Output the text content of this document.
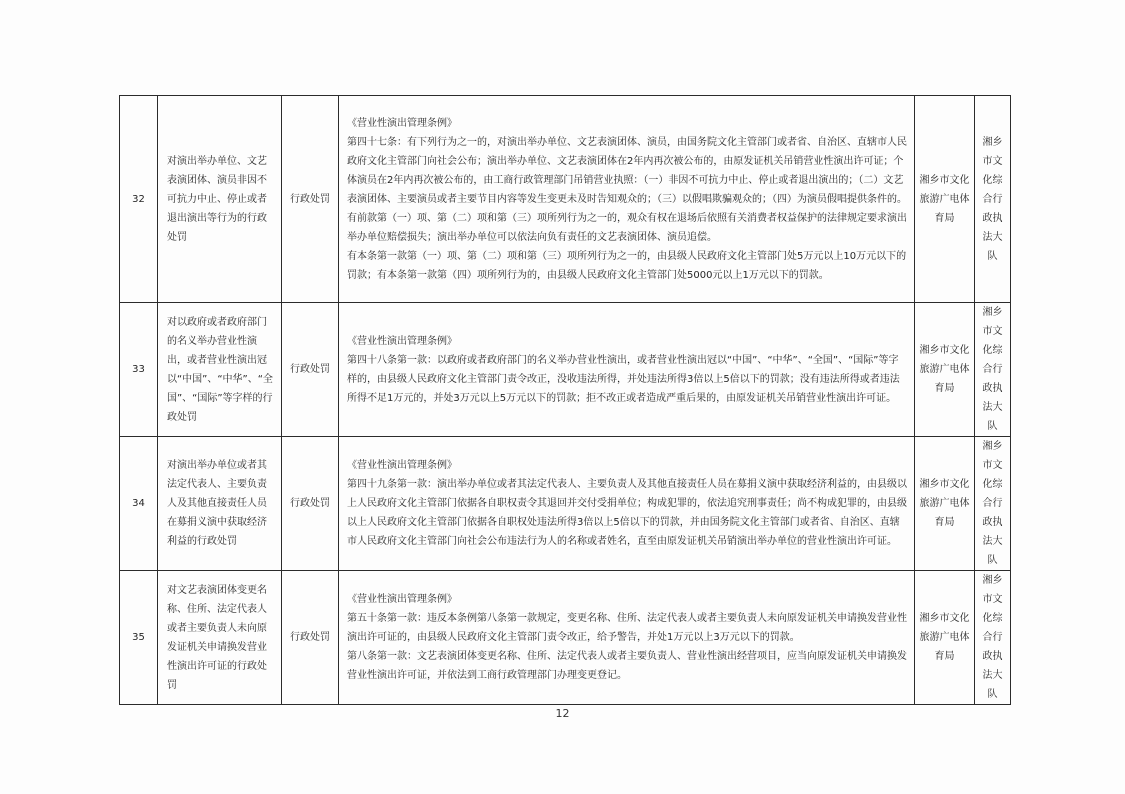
32	对演出举办单位、文艺表演团体、演员非因不可抗力中止、停止或者退出演出等行为的行政处罚	行政处罚	《营业性演出管理条例》
第四十七条：有下列行为之一的，对演出举办单位、文艺表演团体、演员，由国务院文化主管部门或者省、自治区、直辖市人民政府文化主管部门向社会公布；演出举办单位、文艺表演团体在2年内再次被公布的，由原发证机关吊销营业性演出许可证；个体演员在2年内再次被公布的，由工商行政管理部门吊销营业执照：（一）非因不可抗力中止、停止或者退出演出的；（二）文艺表演团体、主要演员或者主要节目内容等发生变更未及时告知观众的；（三）以假唱欺骗观众的；（四）为演员假唱提供条件的。
有前款第（一）项、第（二）项和第（三）项所列行为之一的，观众有权在退场后依照有关消费者权益保护的法律规定要求演出举办单位赔偿损失；演出举办单位可以依法向负有责任的文艺表演团体、演员追偿。
有本条第一款第（一）项、第（二）项和第（三）项所列行为之一的，由县级人民政府文化主管部门处5万元以上10万元以下的罚款；有本条第一款第（四）项所列行为的，由县级人民政府文化主管部门处5000元以上1万元以下的罚款。	湘乡市文化旅游广电体育局	湘乡市文化综合行政执法大队
33	对以政府或者政府部门的名义举办营业性演出，或者营业性演出冠以“中国”、“中华”、“全国”、“国际”等字样的行政处罚	行政处罚	《营业性演出管理条例》
第四十八条第一款：以政府或者政府部门的名义举办营业性演出，或者营业性演出冠以“中国”、“中华”、“全国”、“国际”等字样的，由县级人民政府文化主管部门责令改正，没收违法所得，并处违法所得3倍以上5倍以下的罚款；没有违法所得或者违法所得不足1万元的，并处3万元以上5万元以下的罚款；拒不改正或者造成严重后果的，由原发证机关吊销营业性演出许可证。	湘乡市文化旅游广电体育局	湘乡市文化综合行政执法大队
34	对演出举办单位或者其法定代表人、主要负责人及其他直接责任人员在募捐义演中获取经济利益的行政处罚	行政处罚	《营业性演出管理条例》
第四十九条第一款：演出举办单位或者其法定代表人、主要负责人及其他直接责任人员在募捐义演中获取经济利益的，由县级以上人民政府文化主管部门依据各自职权责令其退回并交付受捐单位；构成犯罪的，依法追究刑事责任；尚不构成犯罪的，由县级以上人民政府文化主管部门依据各自职权处违法所得3倍以上5倍以下的罚款，并由国务院文化主管部门或者省、自治区、直辖市人民政府文化主管部门向社会公布违法行为人的名称或者姓名，直至由原发证机关吊销演出举办单位的营业性演出许可证。	湘乡市文化旅游广电体育局	湘乡市文化综合行政执法大队
35	对文艺表演团体变更名称、住所、法定代表人或者主要负责人未向原发证机关申请换发营业性演出许可证的行政处罚	行政处罚	《营业性演出管理条例》
第五十条第一款：违反本条例第八条第一款规定，变更名称、住所、法定代表人或者主要负责人未向原发证机关申请换发营业性演出许可证的，由县级人民政府文化主管部门责令改正，给予警告，并处1万元以上3万元以下的罚款。
第八条第一款：文艺表演团体变更名称、住所、法定代表人或者主要负责人、营业性演出经营项目，应当向原发证机关申请换发营业性演出许可证，并依法到工商行政管理部门办理变更登记。	湘乡市文化旅游广电体育局	湘乡市文化综合行政执法大队
12
